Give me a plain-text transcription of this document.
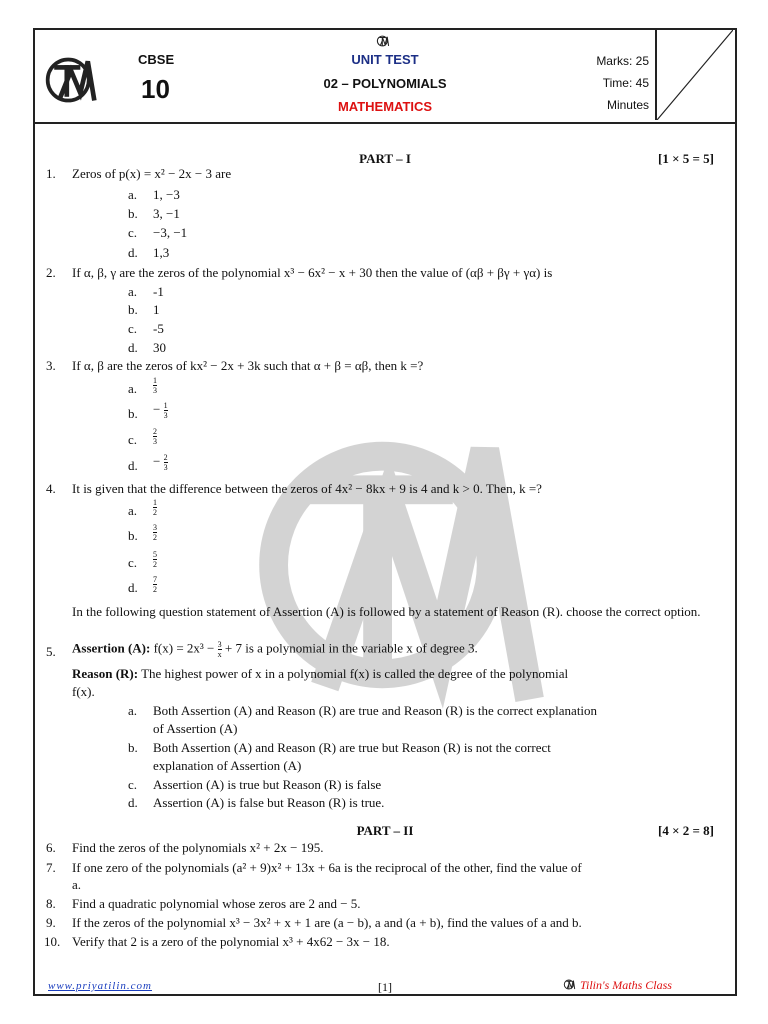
CBSE
10
UNIT TEST
02 – POLYNOMIALS
MATHEMATICS
Marks: 25
Time: 45
Minutes
PART – I	[1 × 5 = 5]
1. Zeros of p(x) = x² − 2x − 3 are
a. 1, −3
b. 3, −1
c. −3, −1
d. 1,3
2. If α, β, γ are the zeros of the polynomial x³ − 6x² − x + 30 then the value of (αβ + βγ + γα) is
a. -1
b. 1
c. -5
d. 30
3. If α, β are the zeros of kx² − 2x + 3k such that α + β = αβ, then k =?
a. $\frac{1}{3}$
b. − $\frac{1}{3}$
c. $\frac{2}{3}$
d. − $\frac{2}{3}$
4. It is given that the difference between the zeros of 4x² − 8kx + 9 is 4 and k > 0. Then, k =?
a. $\frac{1}{2}$
b. $\frac{3}{2}$
c. $\frac{5}{2}$
d. $\frac{7}{2}$
In the following question statement of Assertion (A) is followed by a statement of Reason (R). choose the correct option.
5. Assertion (A): $f(x) = 2x^3 - \frac{3}{x} + 7$ is a polynomial in the variable x of degree 3.
Reason (R): The highest power of x in a polynomial f(x) is called the degree of the polynomial
f(x).
a. Both Assertion (A) and Reason (R) are true and Reason (R) is the correct explanation
of Assertion (A)
b. Both Assertion (A) and Reason (R) are true but Reason (R) is not the correct
explanation of Assertion (A)
c. Assertion (A) is true but Reason (R) is false
d. Assertion (A) is false but Reason (R) is true.
PART – II	[4 × 2 = 8]
6. Find the zeros of the polynomials x² + 2x − 195.
7. If one zero of the polynomials (a² + 9)x² + 13x + 6a is the reciprocal of the other, find the value of
a.
8. Find a quadratic polynomial whose zeros are 2 and − 5.
9. If the zeros of the polynomial x³ − 3x² + x + 1 are (a − b), a and (a + b), find the values of a and b.
10. Verify that 2 is a zero of the polynomial x³ + 4x62 − 3x − 18.
www.priyatilin.com	[1]	Tilin's Maths Class
